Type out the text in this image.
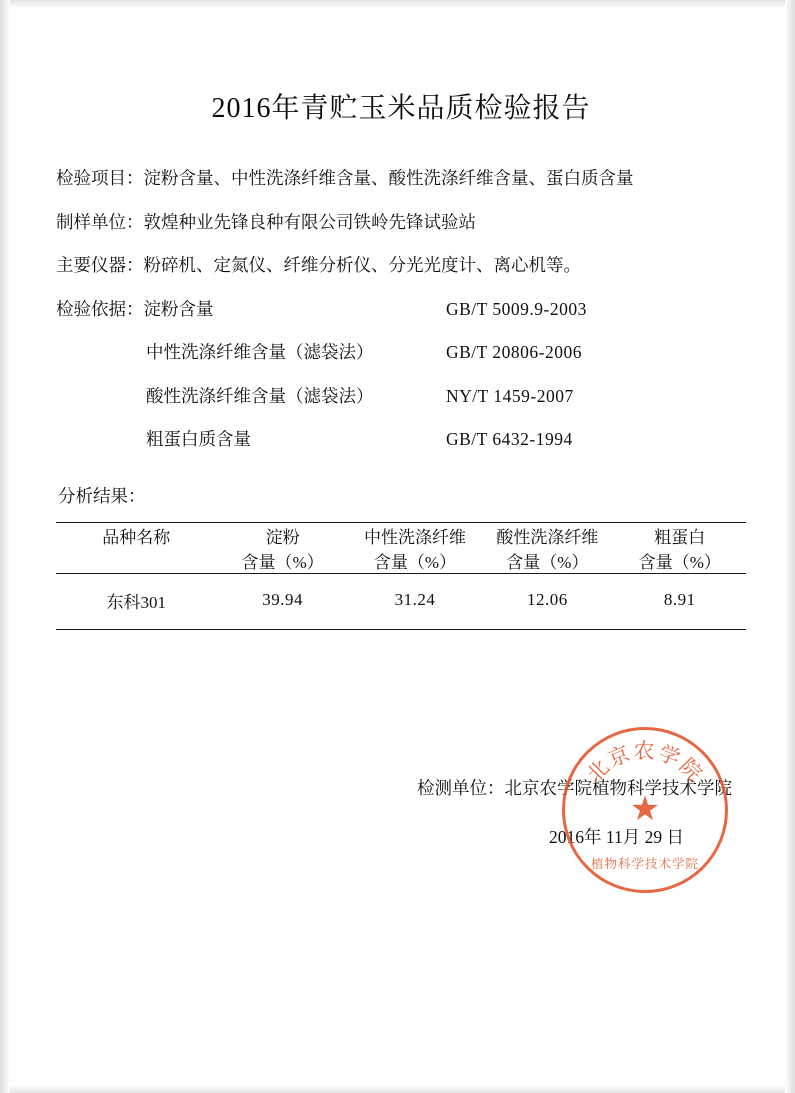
2016年青贮玉米品质检验报告
检验项目： 淀粉含量、中性洗涤纤维含量、酸性洗涤纤维含量、蛋白质含量
制样单位： 敦煌种业先锋良种有限公司铁岭先锋试验站
主要仪器： 粉碎机、定氮仪、纤维分析仪、分光光度计、离心机等。
检验依据：淀粉含量	GB/T 5009.9-2003
中性洗涤纤维含量（滤袋法）	GB/T 20806-2006
酸性洗涤纤维含量（滤袋法）	NY/T 1459-2007
粗蛋白质含量	GB/T 6432-1994
分析结果：
品种名称	淀粉	中性洗涤纤维	酸性洗涤纤维	粗蛋白
	含量（%）	含量（%）	含量（%）	含量（%）
东科301	39.94	31.24	12.06	8.91

检测单位：北京农学院植物科学技术学院
2016年 11月 29 日
北京农学院
★
植物科学技术学院
